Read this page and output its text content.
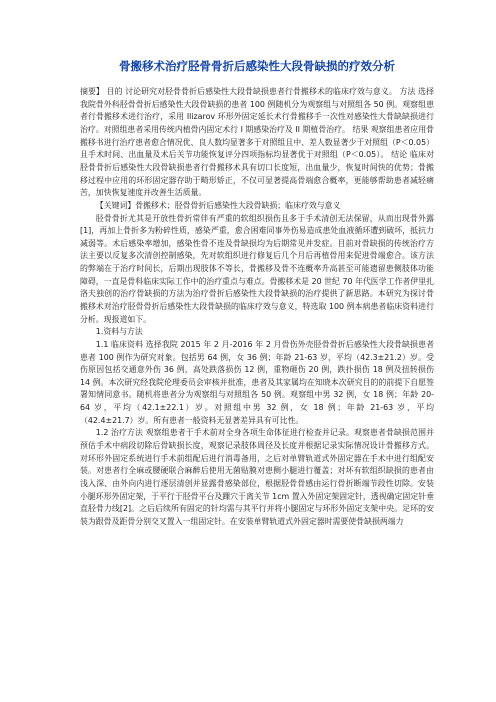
骨搬移术治疗胫骨骨折后感染性大段骨缺损的疗效分析

摘要】 目的 讨论研究对胫骨骨折后感染性大段骨缺损患者行骨搬移术的临床疗效与意义。 方法 选择我院骨外科胫骨骨折后感染性大段骨缺损的患者 100 例随机分为观察组与对照组各 50 例。观察组患者行骨搬移术进行治疗，采用 Ilizarov 环形外固定延长术行骨搬移手一次性对感染性大骨缺缺损进行治疗。对照组患者采用传统内植骨内固定术行 I 期感染治疗及 II 期植骨治疗。 结果 观察组患者应用骨搬移书进行治疗患者愈合情况优、良人数均显著多于对照组且中、差人数显著少于对照组（P＜0.05）且手术时间、出血量及术后关节功能恢复评分四项指标均显著优于对照组（P＜0.05）。 结论 临床对胫骨骨折后感染性大段骨缺损患者行骨搬移术具有切口长度短，出血量少，恢复时间快的优势；骨搬移过程中应用的环形固定器存助于畸形矫正，不仅可显著提高骨端愈合概率，更能够帮助患者减轻痛苦，加快恢复速度并改善生活质量。

【关键词】骨搬移术；胫骨骨折后感染性大段骨缺损；临床疗效与意义

胫骨骨折尤其是开放性骨折常伴有严重的软组织损伤且多于手术清创无法保留，从而出现骨外露[1]，再加上骨折多为粉碎性质，感染严重，愈合困难同事外伤易造成患处血液循环遭到破坏，抵抗力减弱等。术后感染率增加，感染性骨不连及骨缺损均为后期常见并发症。目前对骨缺损的传统治疗方法主要以反复多次清创控制感染，先对软组织进行修复后几个月后再植骨用来促进骨端愈合。该方法的弊端在于治疗时间长，后期出现肢体不等长，骨搬移及骨不连概率升高甚至可能遗留患侧肢体功能障碍，一直是骨科临床实际工作中的治疗重点与难点。骨搬移术是 20 世纪 70 年代医学工作者伊里扎洛夫独创的治疗骨缺损的方法为治疗骨折后感染性大段骨缺损的治疗提供了新思路。本研究为探讨骨搬移术对治疗胫骨骨折后感染性大段骨缺损的临床疗效与意义，特选取 100 例本病患者临床资料进行分析。现报道如下。

1.资料与方法

1.1 临床资料 选择我院 2015 年 2 月-2016 年 2 月骨伤外壳胫骨骨折后感染性大段骨缺损患者患者 100 例作为研究对象。包括男 64 例，女 36 例；年龄 21-63 岁，平均（42.3±21.2）岁。受伤原因包括交通意外伤 36 例，高处跌落损伤 12 例，重物砸伤 20 例，跌扑损伤 18 例及扭转损伤 14 例。本次研究经我院伦理委员会审核并批准，患者及其家属均在知晓本次研究目的的前提下自愿签署知情同意书。随机将患者分为观察组与对照组各 50 例。观察组中男 32 例，女 18 例；年龄 20-64 岁，平均（42.1±22.1）岁。对照组中男 32 例，女 18 例；年龄 21-63 岁，平均（42.4±21.7）岁。所有患者一般资料无显著差异具有可比性。

1.2 治疗方法 观察组患者于手术前对全身各项生命体征进行检查并记录。观察患者骨缺损范围并预估手术中病段切除后骨缺损长度，观察记录肢体周径及长度并根据记录实际情况设计骨搬移方式。对环形外固定系统进行手术前组配后进行消毒备用，之后对单臂轨道式外固定器在手术中进行组配安装。对患者行全麻或腰硬联合麻醉后使用无菌贴膜对患侧小腿进行覆盖；对坏有软组织缺损的患者由浅入深、由外向内进行逐层清创并显露骨感染部位，根据胫骨骨感由运行骨折断端节段性切除。安装小腿环形外固定架，于平行于胫骨平台及踝穴于离关节 1cm 置入外固定架固定针，透视确定固定针垂直胫骨力线[2]。之后后续所有固定的针均需与其平行并将小腿固定与环形外固定支架中央。足环的安装为跟骨及距骨分别交叉置入一组固定针。在安装单臂轨道式外固定器时需要使骨缺损两端力
